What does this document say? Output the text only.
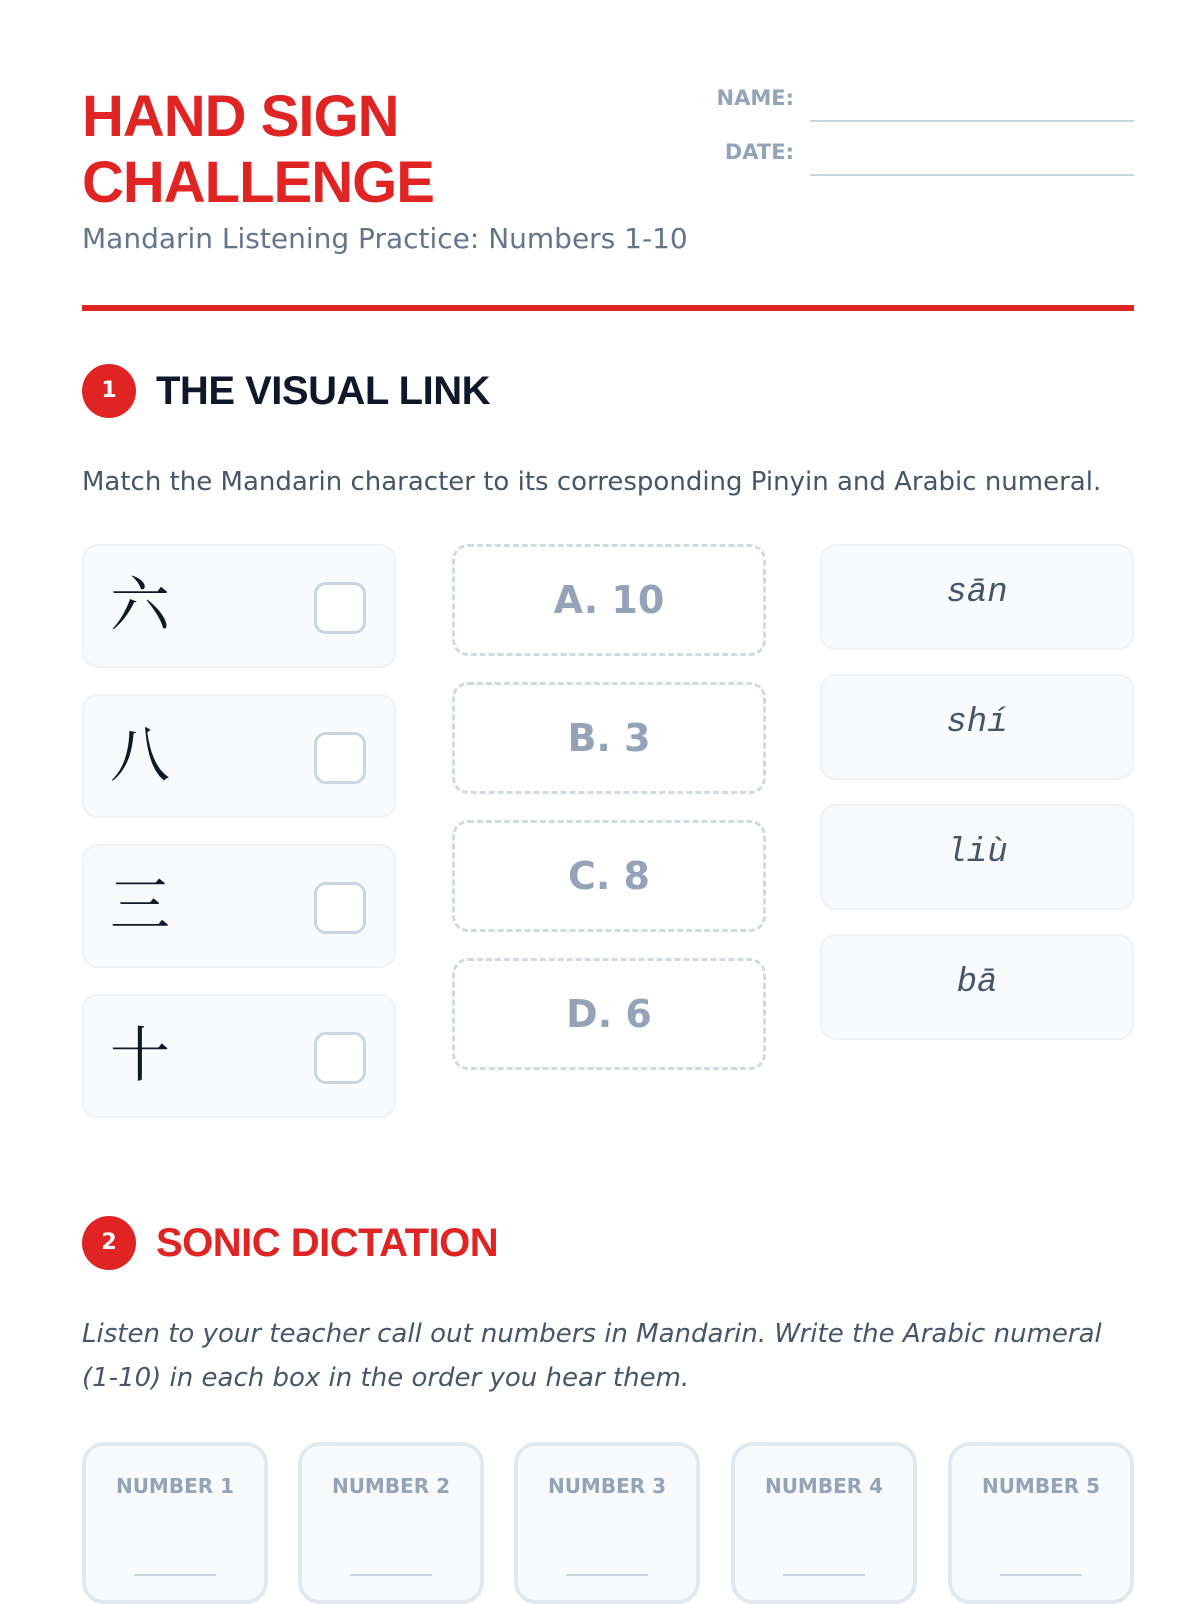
HAND SIGN
CHALLENGE
Mandarin Listening Practice: Numbers 1-10
NAME:
DATE:
1 THE VISUAL LINK
Match the Mandarin character to its corresponding Pinyin and Arabic numeral.
六
八
三
十
A. 10
B. 3
C. 8
D. 6
sān
shí
liù
bā
2 SONIC DICTATION
Listen to your teacher call out numbers in Mandarin. Write the Arabic numeral (1-10) in each box in the order you hear them.
NUMBER 1	NUMBER 2	NUMBER 3	NUMBER 4	NUMBER 5
